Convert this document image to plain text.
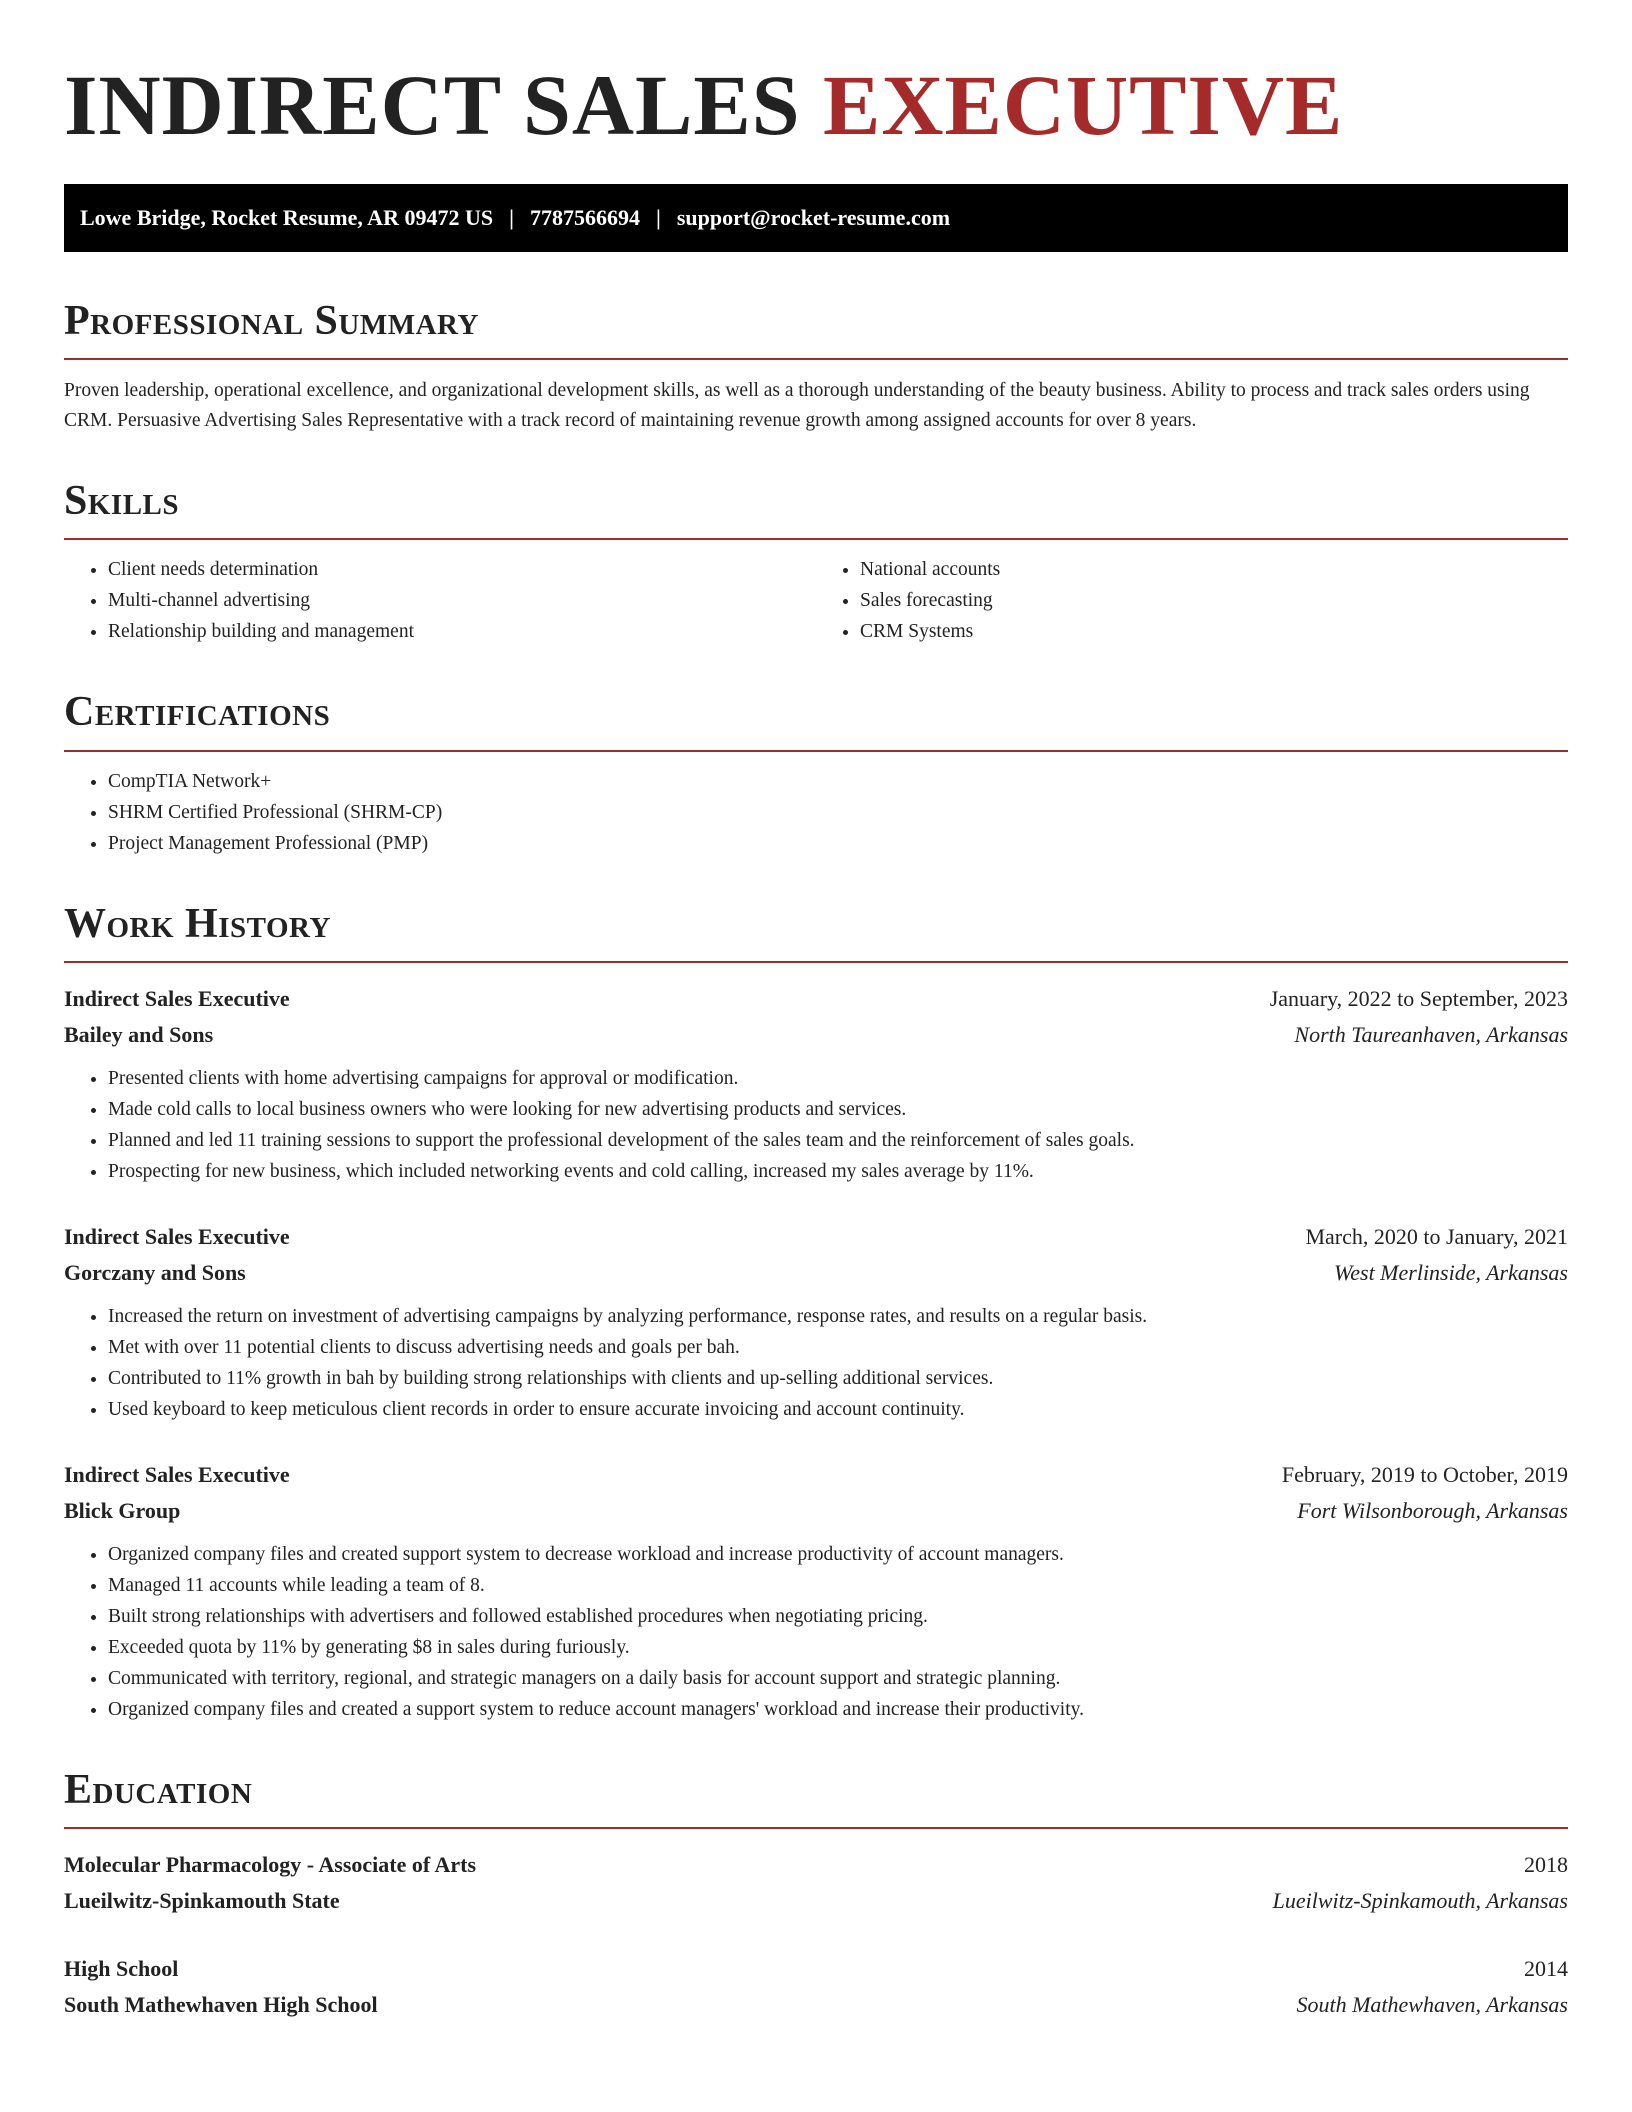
INDIRECT SALES EXECUTIVE
Lowe Bridge, Rocket Resume, AR 09472 US | 7787566694 | support@rocket-resume.com
Professional Summary

Proven leadership, operational excellence, and organizational development skills, as well as a thorough understanding of the beauty business. Ability to process and track sales orders using CRM. Persuasive Advertising Sales Representative with a track record of maintaining revenue growth among assigned accounts for over 8 years.

Skills
• Client needs determination
• Multi-channel advertising
• Relationship building and management
• National accounts
• Sales forecasting
• CRM Systems
Certifications
• CompTIA Network+
• SHRM Certified Professional (SHRM-CP)
• Project Management Professional (PMP)
Work History
Indirect Sales Executive	January, 2022 to September, 2023
Bailey and Sons	North Taureanhaven, Arkansas
• Presented clients with home advertising campaigns for approval or modification.
• Made cold calls to local business owners who were looking for new advertising products and services.
• Planned and led 11 training sessions to support the professional development of the sales team and the reinforcement of sales goals.
• Prospecting for new business, which included networking events and cold calling, increased my sales average by 11%.
Indirect Sales Executive	March, 2020 to January, 2021
Gorczany and Sons	West Merlinside, Arkansas
• Increased the return on investment of advertising campaigns by analyzing performance, response rates, and results on a regular basis.
• Met with over 11 potential clients to discuss advertising needs and goals per bah.
• Contributed to 11% growth in bah by building strong relationships with clients and up-selling additional services.
• Used keyboard to keep meticulous client records in order to ensure accurate invoicing and account continuity.
Indirect Sales Executive	February, 2019 to October, 2019
Blick Group	Fort Wilsonborough, Arkansas
• Organized company files and created support system to decrease workload and increase productivity of account managers.
• Managed 11 accounts while leading a team of 8.
• Built strong relationships with advertisers and followed established procedures when negotiating pricing.
• Exceeded quota by 11% by generating $8 in sales during furiously.
• Communicated with territory, regional, and strategic managers on a daily basis for account support and strategic planning.
• Organized company files and created a support system to reduce account managers' workload and increase their productivity.
Education
Molecular Pharmacology - Associate of Arts	2018
Lueilwitz-Spinkamouth State	Lueilwitz-Spinkamouth, Arkansas
High School	2014
South Mathewhaven High School	South Mathewhaven, Arkansas
